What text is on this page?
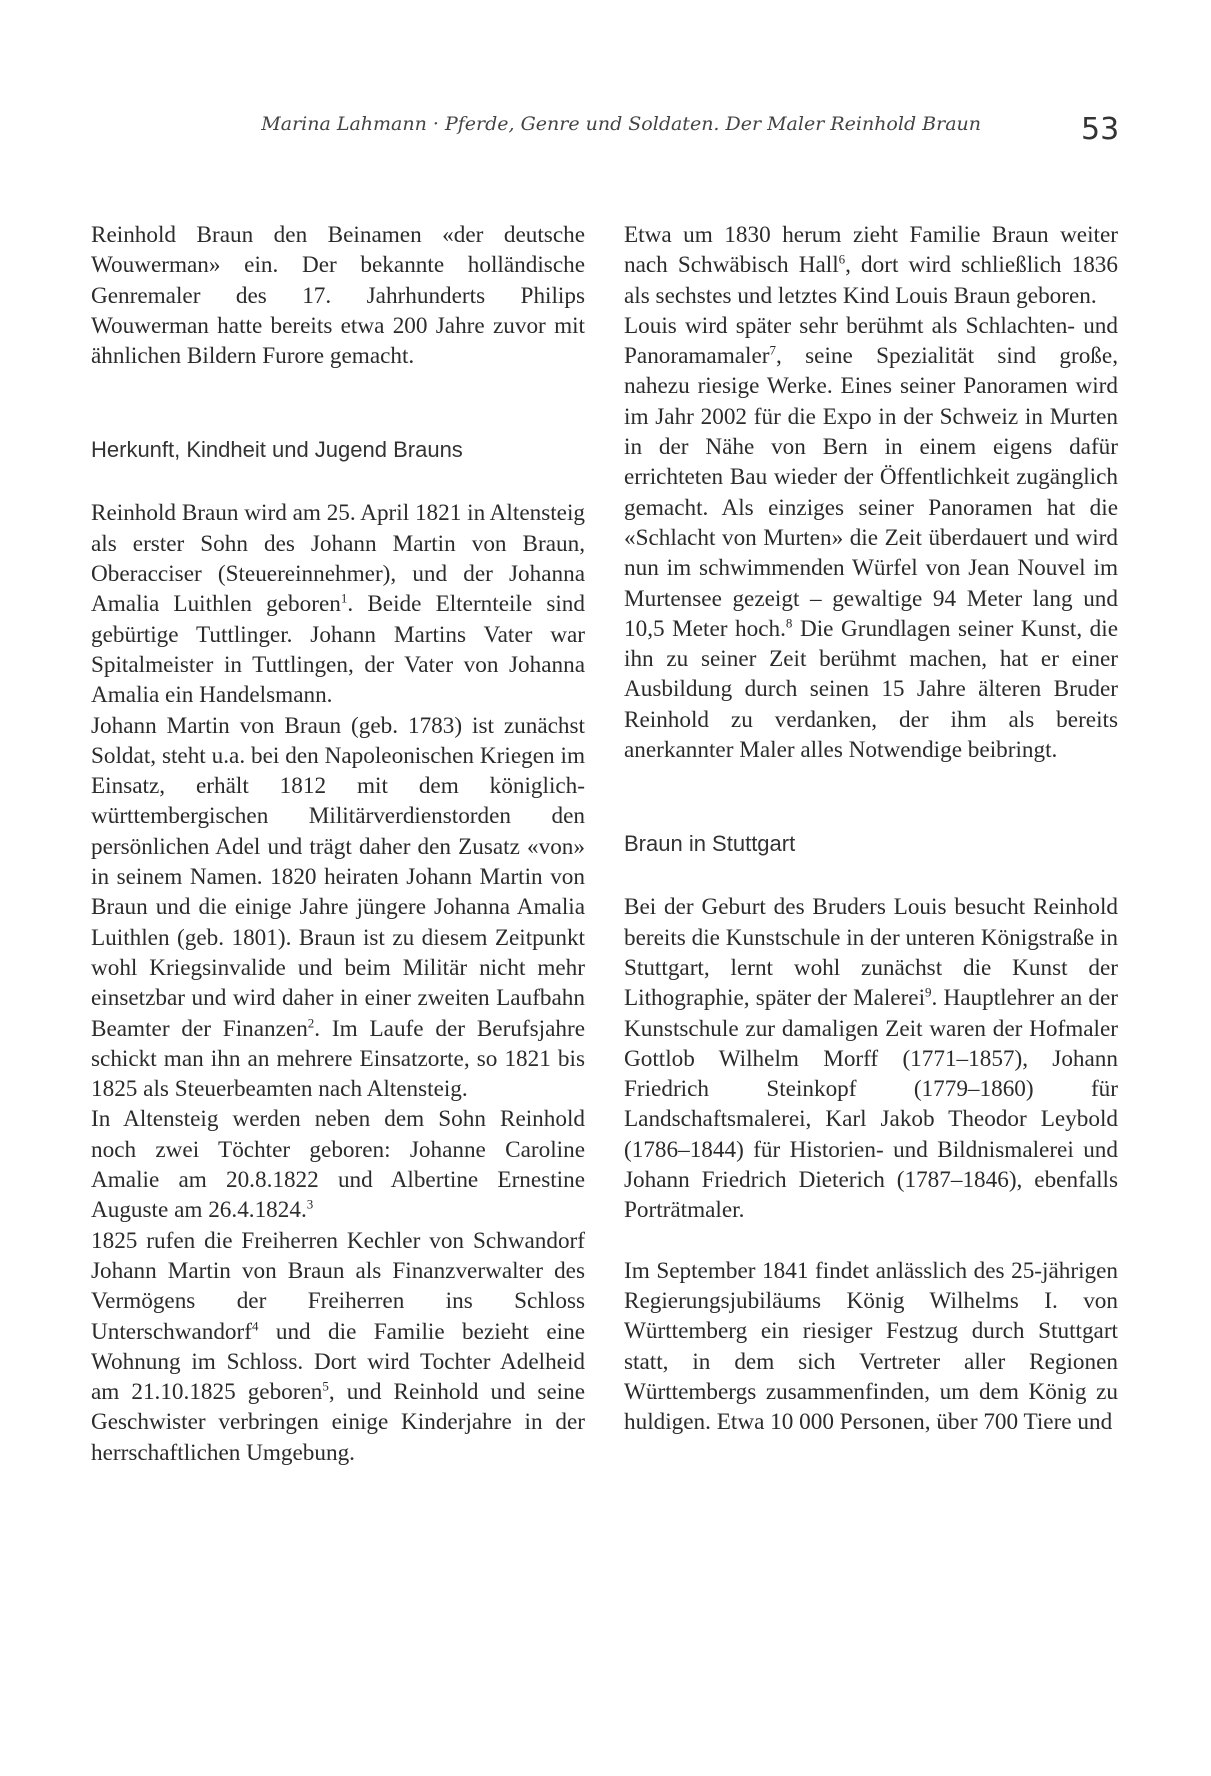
Marina Lahmann · Pferde, Genre und Soldaten. Der Maler Reinhold Braun	53

Reinhold Braun den Beinamen «der deutsche Wouwerman» ein. Der bekannte holländische Genremaler des 17. Jahrhunderts Philips Wouwerman hatte bereits etwa 200 Jahre zuvor mit ähnlichen Bildern Furore gemacht.

Herkunft, Kindheit und Jugend Brauns

Reinhold Braun wird am 25. April 1821 in Altensteig als erster Sohn des Johann Martin von Braun, Oberacciser (Steuereinnehmer), und der Johanna Amalia Luithlen geboren$^1$. Beide Elternteile sind gebürtige Tuttlinger. Johann Martins Vater war Spitalmeister in Tuttlingen, der Vater von Johanna Amalia ein Handelsmann.

Johann Martin von Braun (geb. 1783) ist zunächst Soldat, steht u.a. bei den Napoleonischen Kriegen im Einsatz, erhält 1812 mit dem königlich-württembergischen Militärverdienstorden den persönlichen Adel und trägt daher den Zusatz «von» in seinem Namen. 1820 heiraten Johann Martin von Braun und die einige Jahre jüngere Johanna Amalia Luithlen (geb. 1801). Braun ist zu diesem Zeitpunkt wohl Kriegsinvalide und beim Militär nicht mehr einsetzbar und wird daher in einer zweiten Laufbahn Beamter der Finanzen$^2$. Im Laufe der Berufsjahre schickt man ihn an mehrere Einsatzorte, so 1821 bis 1825 als Steuerbeamten nach Altensteig.

In Altensteig werden neben dem Sohn Reinhold noch zwei Töchter geboren: Johanne Caroline Amalie am 20.8.1822 und Albertine Ernestine Auguste am 26.4.1824.$^3$

1825 rufen die Freiherren Kechler von Schwandorf Johann Martin von Braun als Finanzverwalter des Vermögens der Freiherren ins Schloss Unterschwandorf$^4$ und die Familie bezieht eine Wohnung im Schloss. Dort wird Tochter Adelheid am 21.10.1825 geboren$^5$, und Reinhold und seine Geschwister verbringen einige Kinderjahre in der herrschaftlichen Umgebung.

Etwa um 1830 herum zieht Familie Braun weiter nach Schwäbisch Hall$^6$, dort wird schließlich 1836 als sechstes und letztes Kind Louis Braun geboren.

Louis wird später sehr berühmt als Schlachten- und Panoramamaler$^7$, seine Spezialität sind große, nahezu riesige Werke. Eines seiner Panoramen wird im Jahr 2002 für die Expo in der Schweiz in Murten in der Nähe von Bern in einem eigens dafür errichteten Bau wieder der Öffentlichkeit zugänglich gemacht. Als einziges seiner Panoramen hat die «Schlacht von Murten» die Zeit überdauert und wird nun im schwimmenden Würfel von Jean Nouvel im Murtensee gezeigt – gewaltige 94 Meter lang und 10,5 Meter hoch.$^8$ Die Grundlagen seiner Kunst, die ihn zu seiner Zeit berühmt machen, hat er einer Ausbildung durch seinen 15 Jahre älteren Bruder Reinhold zu verdanken, der ihm als bereits anerkannter Maler alles Notwendige beibringt.

Braun in Stuttgart

Bei der Geburt des Bruders Louis besucht Reinhold bereits die Kunstschule in der unteren Königstraße in Stuttgart, lernt wohl zunächst die Kunst der Lithographie, später der Malerei$^9$. Hauptlehrer an der Kunstschule zur damaligen Zeit waren der Hofmaler Gottlob Wilhelm Morff (1771–1857), Johann Friedrich Steinkopf (1779–1860) für Landschaftsmalerei, Karl Jakob Theodor Leybold (1786–1844) für Historien- und Bildnismalerei und Johann Friedrich Dieterich (1787–1846), ebenfalls Porträtmaler.

Im September 1841 findet anlässlich des 25-jährigen Regierungsjubiläums König Wilhelms I. von Württemberg ein riesiger Festzug durch Stuttgart statt, in dem sich Vertreter aller Regionen Württembergs zusammenfinden, um dem König zu huldigen. Etwa 10 000 Personen, über 700 Tiere und
